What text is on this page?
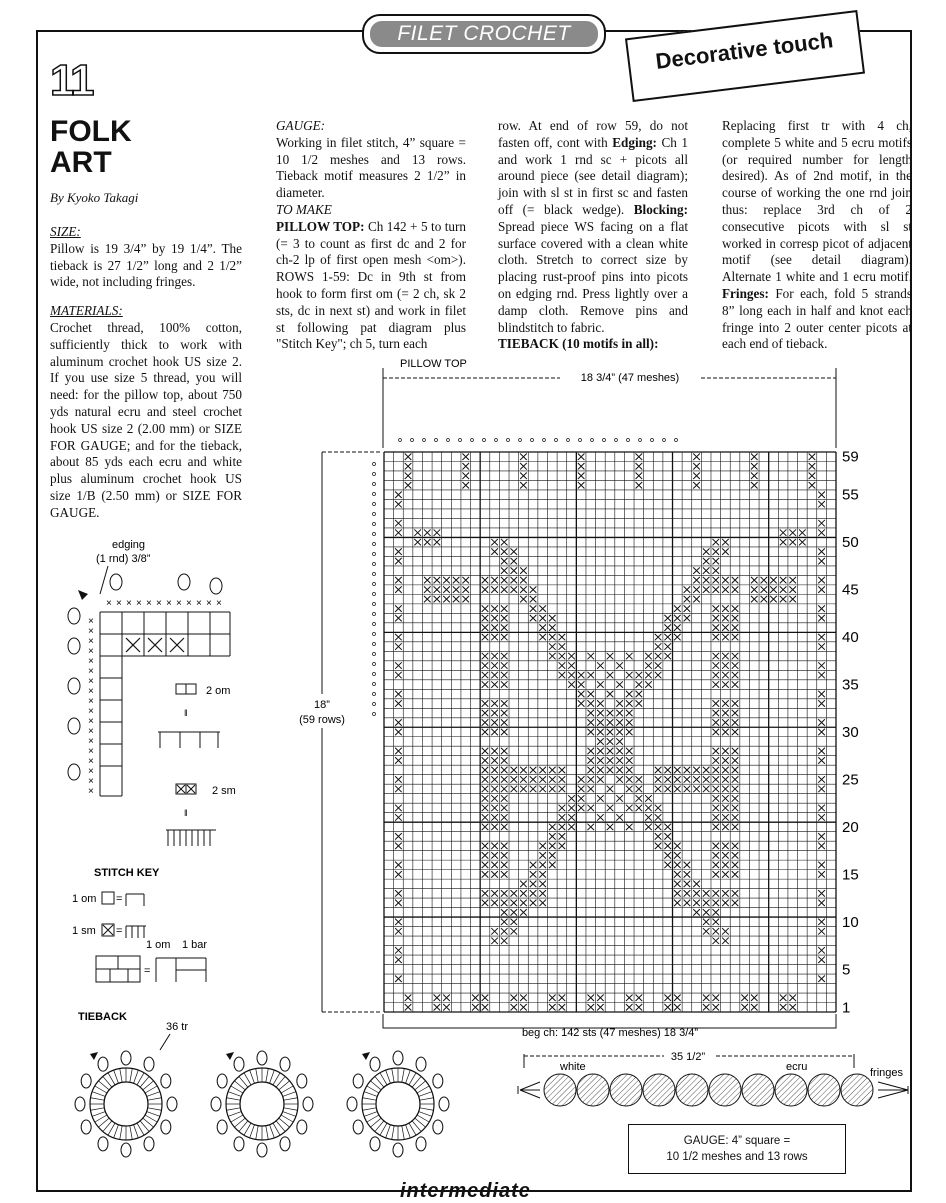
FILET CROCHET	Decorative touch
11
FOLK
ART
By Kyoko Takagi

SIZE:

Pillow is 19 3/4” by 19 1/4”. The tieback is 27 1/2” long and 2 1/2” wide, not including fringes.

MATERIALS:

Crochet thread, 100% cotton, sufficiently thick to work with aluminum crochet hook US size 2. If you use size 5 thread, you will need: for the pillow top, about 750 yds natural ecru and steel crochet hook US size 2 (2.00 mm) or SIZE FOR GAUGE; and for the tieback, about 85 yds each ecru and white plus aluminum crochet hook US size 1/B (2.50 mm) or SIZE FOR GAUGE.

GAUGE:

Working in filet stitch, 4” square = 10 1/2 meshes and 13 rows. Tieback motif measures 2 1/2” in diameter.

TO MAKE

PILLOW TOP: Ch 142 + 5 to turn (= 3 to count as first dc and 2 for ch-2 lp of first open mesh <om>). ROWS 1-59: Dc in 9th st from hook to form first om (= 2 ch, sk 2 sts, dc in next st) and work in filet st following pat diagram plus "Stitch Key"; ch 5, turn each

row. At end of row 59, do not fasten off, cont with Edging: Ch 1 and work 1 rnd sc + picots all around piece (see detail diagram); join with sl st in first sc and fasten off (= black wedge). Blocking: Spread piece WS facing on a flat surface covered with a clean white cloth. Stretch to correct size by placing rust-proof pins into picots on edging rnd. Press lightly over a damp cloth. Remove pins and blindstitch to fabric.

TIEBACK (10 motifs in all):

Replacing first tr with 4 ch, complete 5 white and 5 ecru motifs (or required number for length desired). As of 2nd motif, in the course of working the one rnd join thus: replace 3rd ch of 2 consecutive picots with sl st worked in corresp picot of adjacent motif (see detail diagram). Alternate 1 white and 1 ecru motif. Fringes: For each, fold 5 strands 8” long each in half and knot each fringe into 2 outer center picots at each end of tieback.

PILLOW TOP
18 3/4” (47 meshes)
18”
(59 rows)
beg ch: 142 sts (47 meshes) 18 3/4”
59
55
50
45
40
35
30
25
20
15
10
5
1
edging
(1 rnd) 3/8”
× × × × × × × × × × × ×
×
×
×
×
×
×
×
×
×
×
×
×
×
×
×
×
×
×
2 om
‖
2 sm
‖
STITCH KEY
1 om =
1 sm =
1 om 1 bar
=
TIEBACK
36 tr
35 1/2”
white	ecru	fringes
GAUGE: 4” square =
10 1/2 meshes and 13 rows
intermediate
